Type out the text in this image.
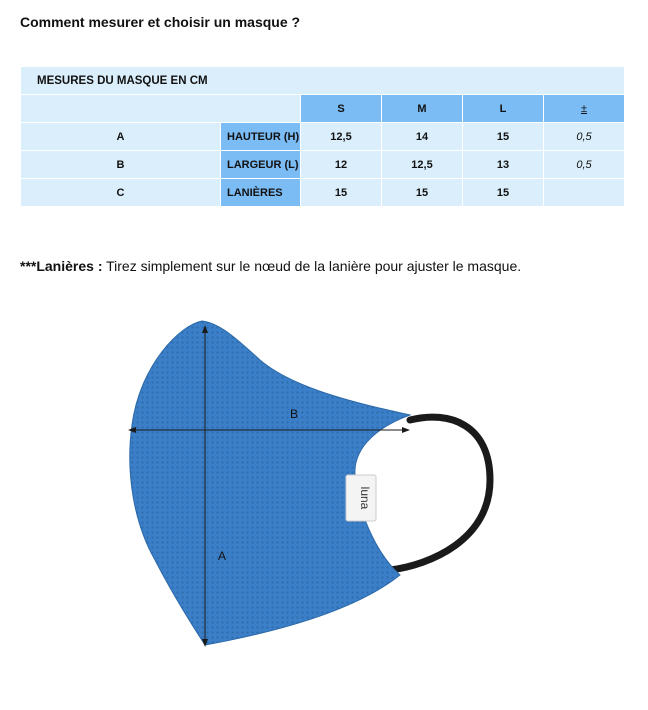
Comment mesurer et choisir un masque ?
MESURES DU MASQUE EN CM					
		S	M	L	±
A	HAUTEUR (H)	12,5	14	15	0,5
B	LARGEUR (L)	12	12,5	13	0,5
C	LANIÈRES	15	15	15	
***Lanières : Tirez simplement sur le nœud de la lanière pour ajuster le masque.
luna
B
A
